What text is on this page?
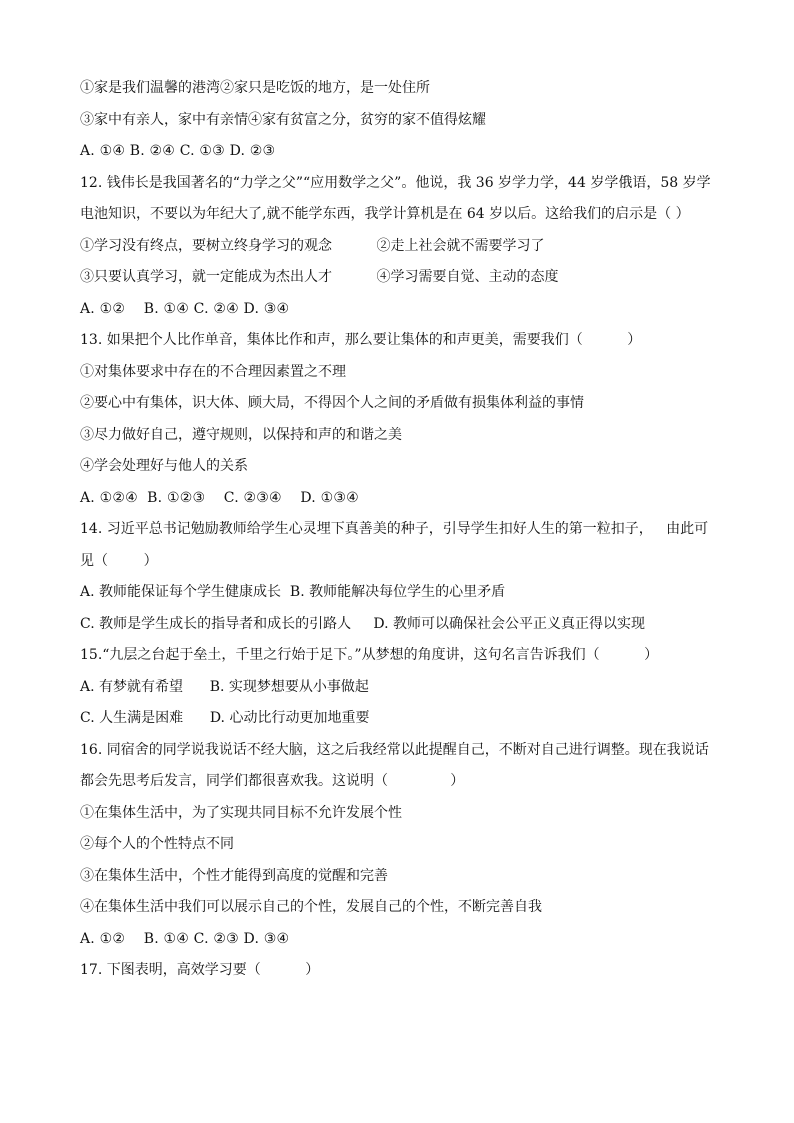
①家是我们温馨的港湾②家只是吃饭的地方，是一处住所
③家中有亲人，家中有亲情④家有贫富之分，贫穷的家不值得炫耀
A. ①④ B. ②④ C. ①③ D. ②③
12. 钱伟长是我国著名的“力学之父”“应用数学之父”。他说，我 36 岁学力学，44 岁学俄语，58 岁学
电池知识，不要以为年纪大了,就不能学东西，我学计算机是在 64 岁以后。这给我们的启示是（ ）
①学习没有终点，要树立终身学习的观念          ②走上社会就不需要学习了
③只要认真学习，就一定能成为杰出人才          ④学习需要自觉、主动的态度
A. ①②    B. ①④ C. ②④ D. ③④
13. 如果把个人比作单音，集体比作和声，那么要让集体的和声更美，需要我们（          ）
①对集体要求中存在的不合理因素置之不理
②要心中有集体，识大体、顾大局，不得因个人之间的矛盾做有损集体利益的事情
③尽力做好自己，遵守规则，以保持和声的和谐之美
④学会处理好与他人的关系
A. ①②④  B. ①②③    C. ②③④    D. ①③④
14. 习近平总书记勉励教师给学生心灵埋下真善美的种子，引导学生扣好人生的第一粒扣子，   由此可
见（        ）
A. 教师能保证每个学生健康成长  B. 教师能解决每位学生的心里矛盾
C. 教师是学生成长的指导者和成长的引路人     D. 教师可以确保社会公平正义真正得以实现
15.“九层之台起于垒土，千里之行始于足下。”从梦想的角度讲，这句名言告诉我们（          ）
A. 有梦就有希望      B. 实现梦想要从小事做起
C. 人生满是困难      D. 心动比行动更加地重要
16. 同宿舍的同学说我说话不经大脑，这之后我经常以此提醒自己，不断对自己进行调整。现在我说话
都会先思考后发言，同学们都很喜欢我。这说明（              ）
①在集体生活中，为了实现共同目标不允许发展个性
②每个人的个性特点不同
③在集体生活中，个性才能得到高度的觉醒和完善
④在集体生活中我们可以展示自己的个性，发展自己的个性，不断完善自我
A. ①②    B. ①④ C. ②③ D. ③④
17. 下图表明，高效学习要（          ）
